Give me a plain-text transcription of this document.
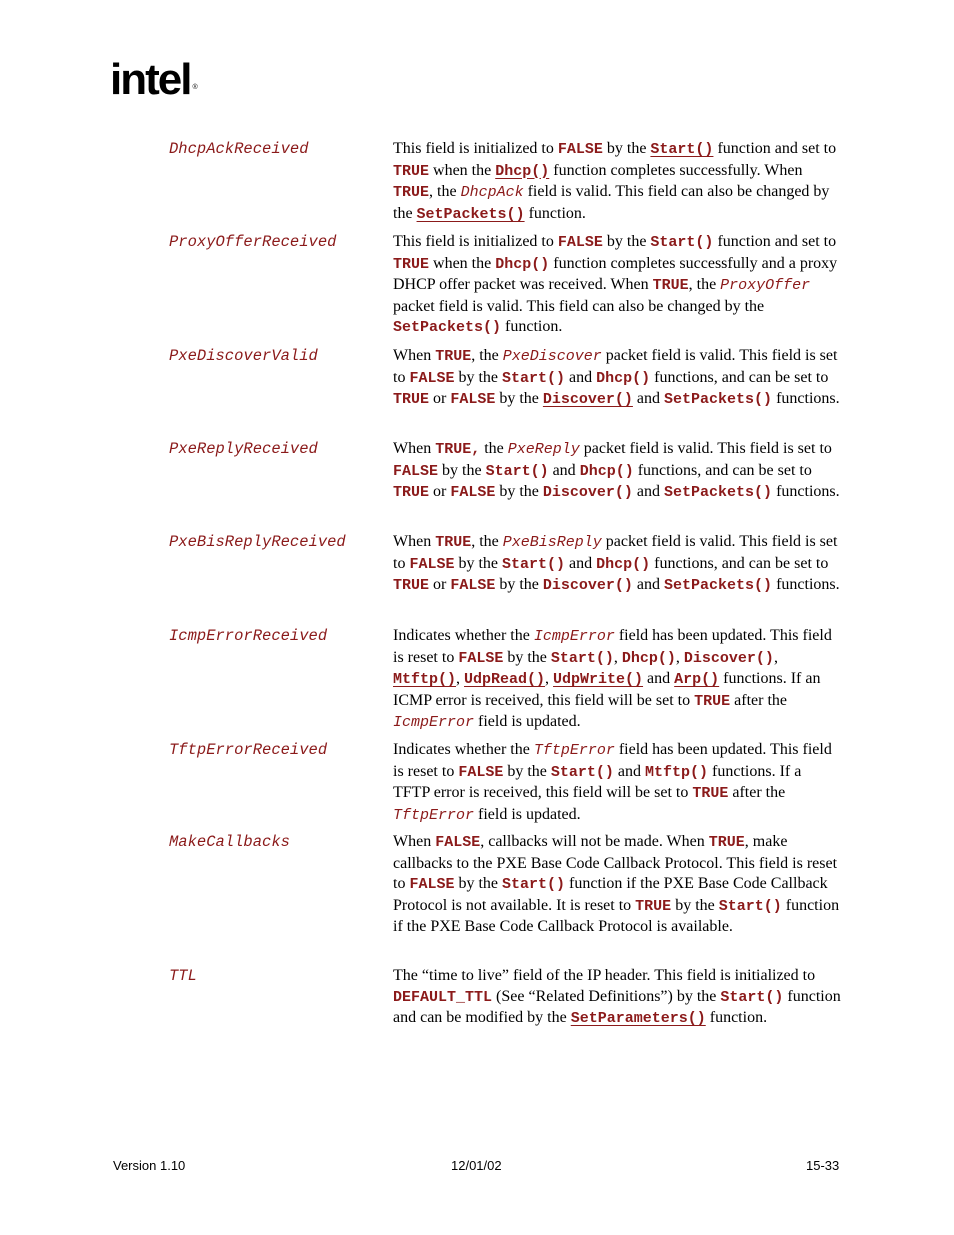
intel ®
DhcpAckReceived	This field is initialized to FALSE by the Start() function and set to TRUE when the Dhcp() function completes successfully. When TRUE, the DhcpAck field is valid. This field can also be changed by the SetPackets() function.
ProxyOfferReceived	This field is initialized to FALSE by the Start() function and set to TRUE when the Dhcp() function completes successfully and a proxy DHCP offer packet was received. When TRUE, the ProxyOffer packet field is valid. This field can also be changed by the SetPackets() function.
PxeDiscoverValid	When TRUE, the PxeDiscover packet field is valid. This field is set to FALSE by the Start() and Dhcp() functions, and can be set to TRUE or FALSE by the Discover() and SetPackets() functions.
PxeReplyReceived	When TRUE, the PxeReply packet field is valid. This field is set to FALSE by the Start() and Dhcp() functions, and can be set to TRUE or FALSE by the Discover() and SetPackets() functions.
PxeBisReplyReceived	When TRUE, the PxeBisReply packet field is valid. This field is set to FALSE by the Start() and Dhcp() functions, and can be set to TRUE or FALSE by the Discover() and SetPackets() functions.
IcmpErrorReceived	Indicates whether the IcmpError field has been updated. This field is reset to FALSE by the Start(), Dhcp(), Discover(), Mtftp(), UdpRead(), UdpWrite() and Arp() functions. If an ICMP error is received, this field will be set to TRUE after the IcmpError field is updated.
TftpErrorReceived	Indicates whether the TftpError field has been updated. This field is reset to FALSE by the Start() and Mtftp() functions. If a TFTP error is received, this field will be set to TRUE after the TftpError field is updated.
MakeCallbacks	When FALSE, callbacks will not be made. When TRUE, make callbacks to the PXE Base Code Callback Protocol. This field is reset to FALSE by the Start() function if the PXE Base Code Callback Protocol is not available. It is reset to TRUE by the Start() function if the PXE Base Code Callback Protocol is available.
TTL	The “time to live” field of the IP header. This field is initialized to DEFAULT_TTL (See “Related Definitions”) by the Start() function and can be modified by the SetParameters() function.
Version 1.10	12/01/02	15-33
